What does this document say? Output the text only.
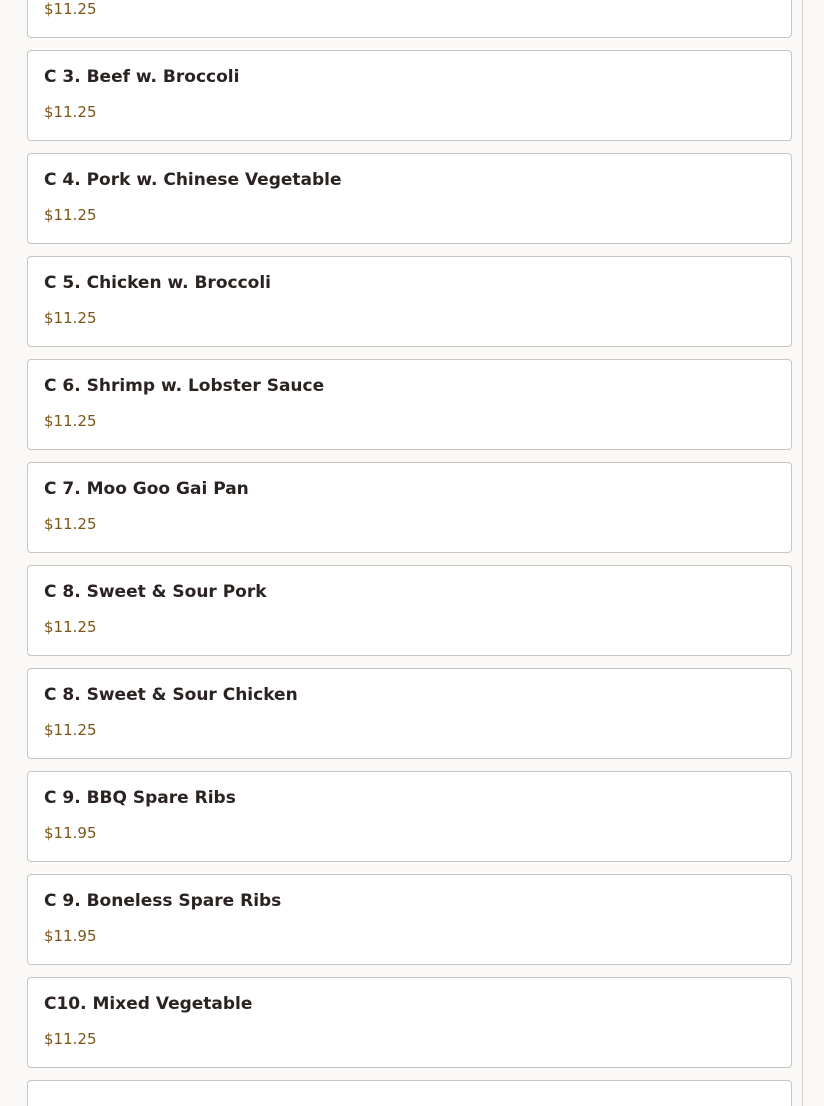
$11.25
C 3. Beef w. Broccoli
$11.25
C 4. Pork w. Chinese Vegetable
$11.25
C 5. Chicken w. Broccoli
$11.25
C 6. Shrimp w. Lobster Sauce
$11.25
C 7. Moo Goo Gai Pan
$11.25
C 8. Sweet & Sour Pork
$11.25
C 8. Sweet & Sour Chicken
$11.25
C 9. BBQ Spare Ribs
$11.95
C 9. Boneless Spare Ribs
$11.95
C10. Mixed Vegetable
$11.25
